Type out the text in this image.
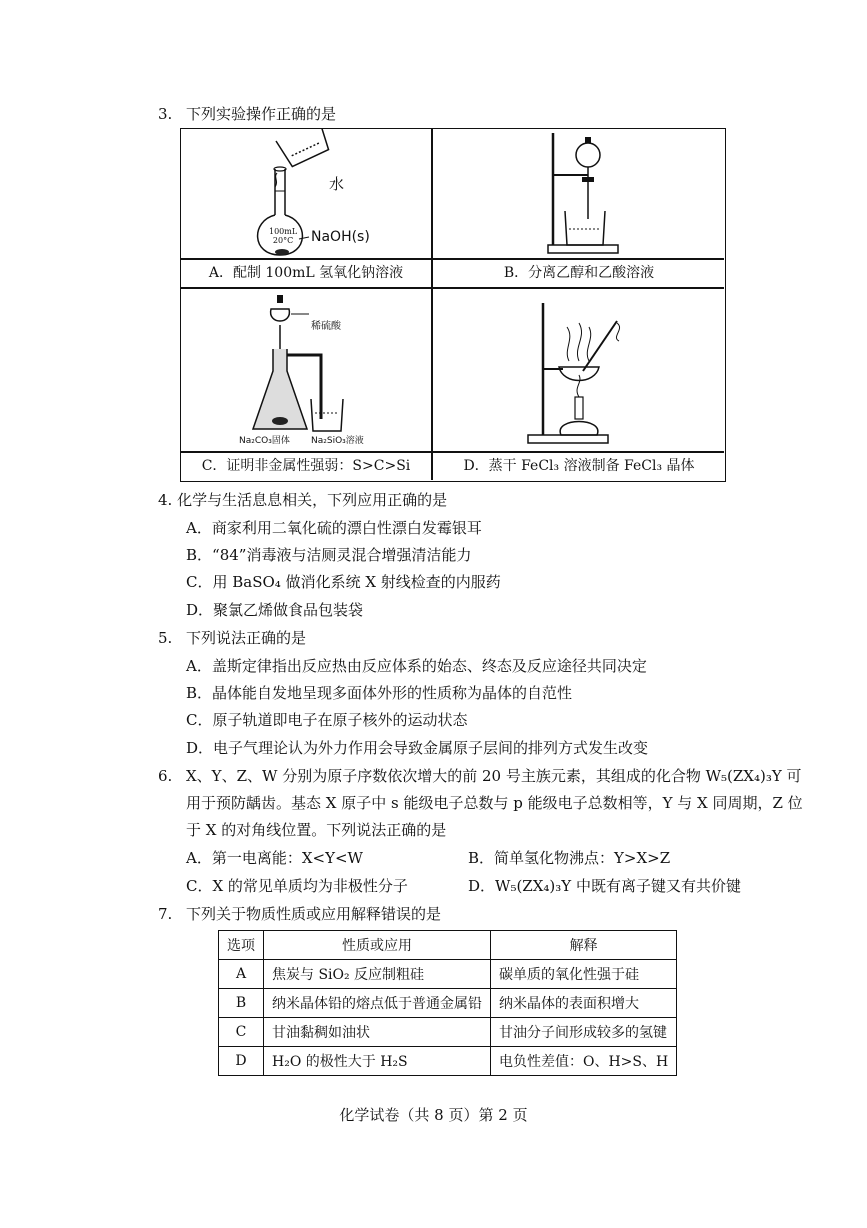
3. 下列实验操作正确的是
水
NaOH(s)
100mL
20°C
A．配制 100mL 氢氧化钠溶液	B．分离乙醇和乙酸溶液
稀硫酸
Na₂CO₃固体 Na₂SiO₃溶液
C．证明非金属性强弱：S>C>Si	D．蒸干 FeCl₃ 溶液制备 FeCl₃ 晶体
4. 化学与生活息息相关，下列应用正确的是
A．商家利用二氧化硫的漂白性漂白发霉银耳
B．“84”消毒液与洁厕灵混合增强清洁能力
C．用 BaSO₄ 做消化系统 X 射线检查的内服药
D．聚氯乙烯做食品包装袋
5. 下列说法正确的是
A．盖斯定律指出反应热由反应体系的始态、终态及反应途径共同决定
B．晶体能自发地呈现多面体外形的性质称为晶体的自范性
C．原子轨道即电子在原子核外的运动状态
D．电子气理论认为外力作用会导致金属原子层间的排列方式发生改变
6. X、Y、Z、W 分别为原子序数依次增大的前 20 号主族元素，其组成的化合物 W₅(ZX₄)₃Y 可
用于预防龋齿。基态 X 原子中 s 能级电子总数与 p 能级电子总数相等，Y 与 X 同周期，Z 位
于 X 的对角线位置。下列说法正确的是
A．第一电离能：X<Y<W	B．简单氢化物沸点：Y>X>Z
C．X 的常见单质均为非极性分子	D．W₅(ZX₄)₃Y 中既有离子键又有共价键
7. 下列关于物质性质或应用解释错误的是
选项	性质或应用	解释
A	焦炭与 SiO₂ 反应制粗硅	碳单质的氧化性强于硅
B	纳米晶体铅的熔点低于普通金属铅	纳米晶体的表面积增大
C	甘油黏稠如油状	甘油分子间形成较多的氢键
D	H₂O 的极性大于 H₂S	电负性差值：O、H>S、H
化学试卷（共 8 页）第 2 页
